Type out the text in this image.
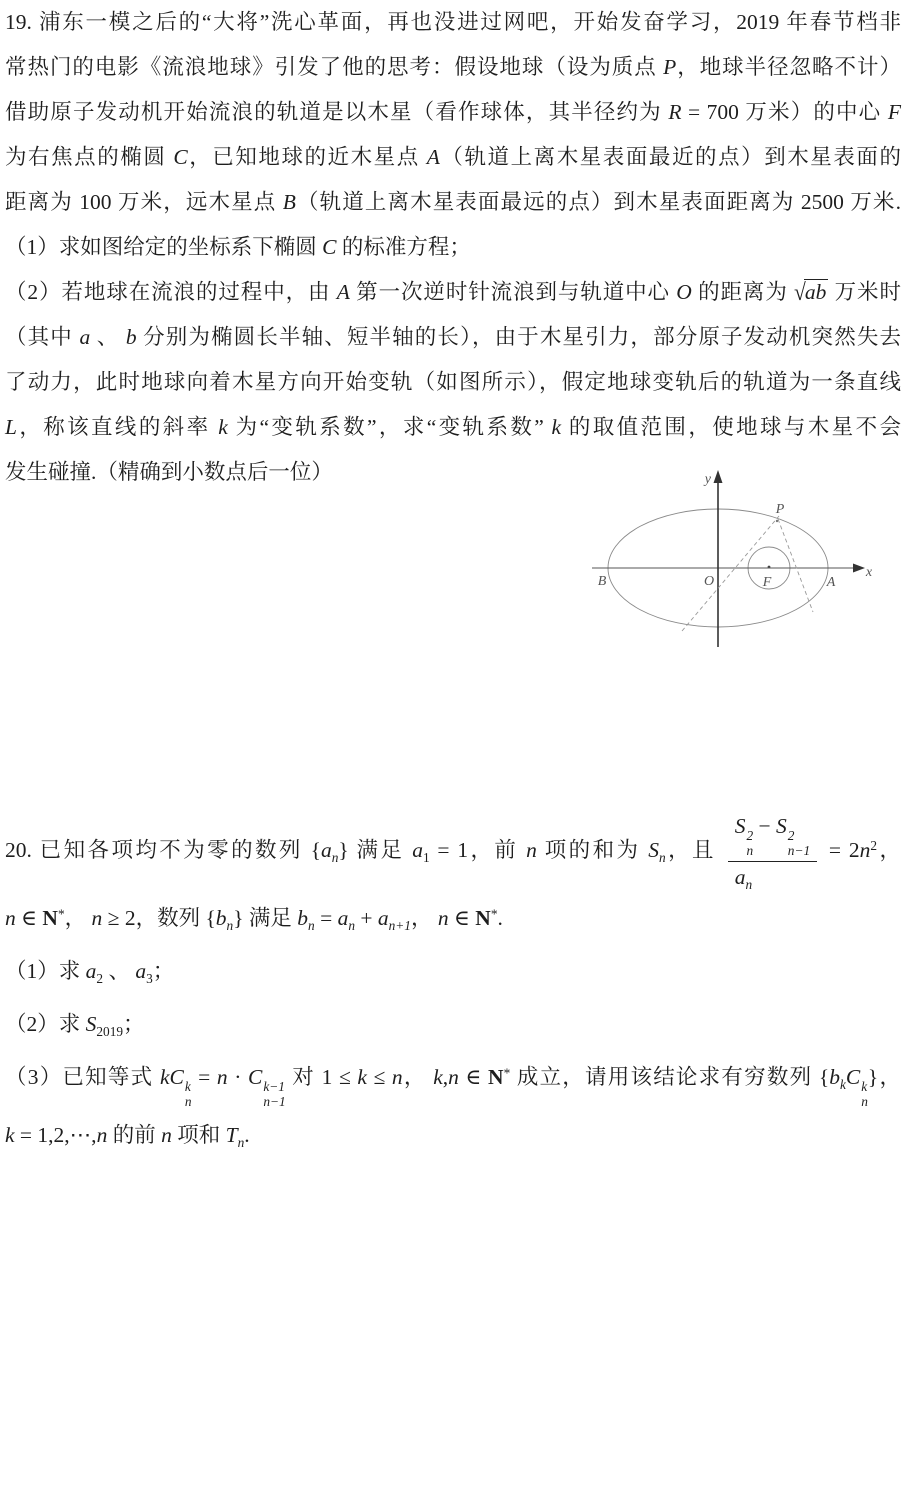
19. 浦东一模之后的“大将”洗心革面，再也没进过网吧，开始发奋学习，2019 年春节档非
常热门的电影《流浪地球》引发了他的思考：假设地球（设为质点 P，地球半径忽略不计）
借助原子发动机开始流浪的轨道是以木星（看作球体，其半径约为 R = 700 万米）的中心 F
为右焦点的椭圆 C，已知地球的近木星点 A（轨道上离木星表面最近的点）到木星表面的
距离为 100 万米，远木星点 B（轨道上离木星表面最远的点）到木星表面距离为 2500 万米.
（1）求如图给定的坐标系下椭圆 C 的标准方程；
（2）若地球在流浪的过程中，由 A 第一次逆时针流浪到与轨道中心 O 的距离为 √ab 万米时
（其中 a 、 b 分别为椭圆长半轴、短半轴的长），由于木星引力，部分原子发动机突然失去
了动力，此时地球向着木星方向开始变轨（如图所示），假定地球变轨后的轨道为一条直线
L，称该直线的斜率 k 为“变轨系数”，求“变轨系数” k 的取值范围，使地球与木星不会
发生碰撞.（精确到小数点后一位）	y
x
B	O	F	A
P
20. 已知各项均不为零的数列 $\{a_n\}$ 满足 $a_1 = 1$，前 n 项的和为 $S_n$，且 S 2
n
− S 2
n−1
$a_n = 2n^2$，
n ∈ N*， n ≥ 2，数列 $\{b_n\}$ 满足 $b_n = a_n + a_{n+1}$， n ∈ N*.
（1）求 $a_2$ 、 $a_3$；
（2）求 $S_{2019}$；
（3）已知等式 kC k
n
= n · C k−1
n−1
对 1 ≤ k ≤ n， k,n ∈ N* 成立，请用该结论求有穷数列 {$b_kC$ k
n
}，
k = 1,2,⋯,n 的前 n 项和 $T_n$.
